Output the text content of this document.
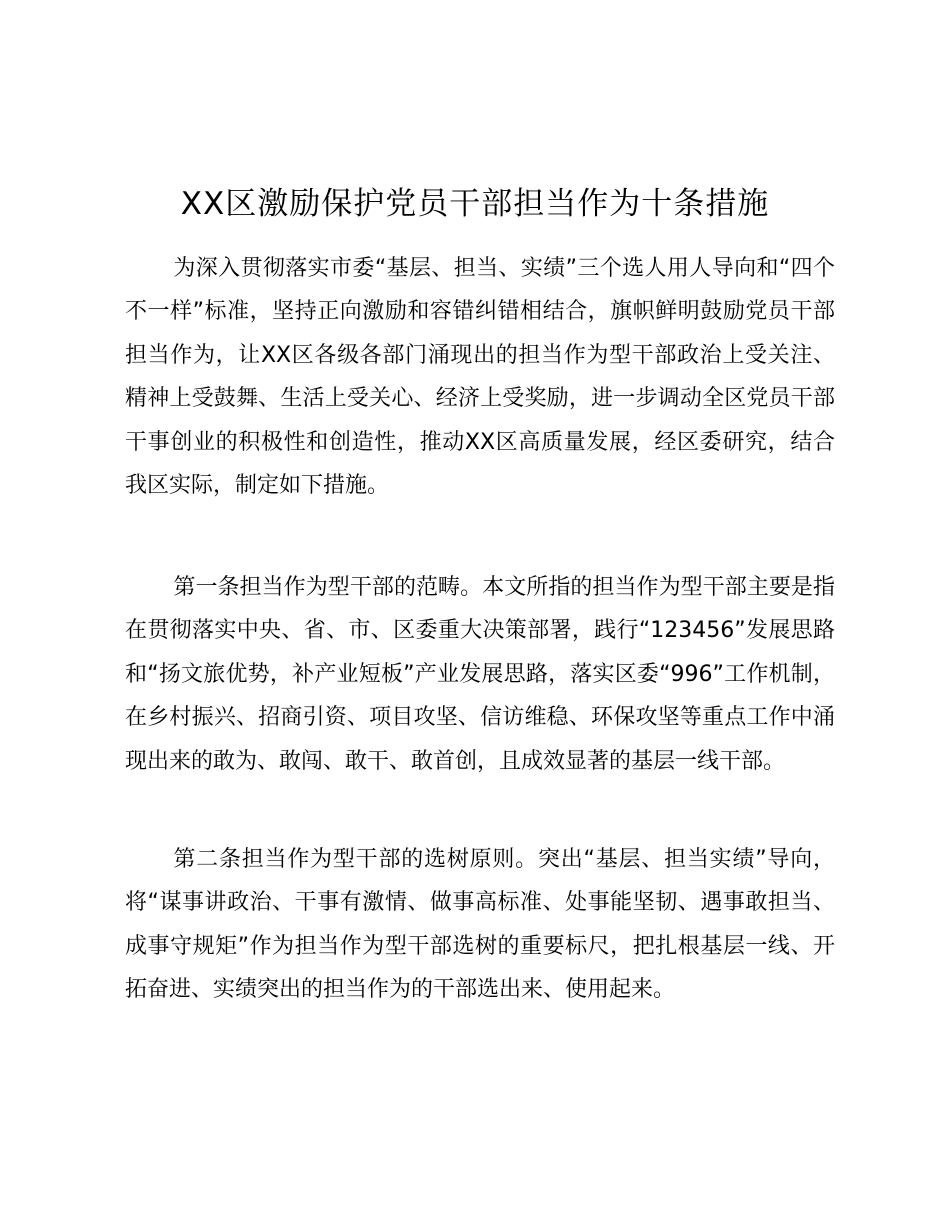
XX区激励保护党员干部担当作为十条措施

为深入贯彻落实市委“基层、担当、实绩”三个选人用人导向和“四个不一样”标准，坚持正向激励和容错纠错相结合，旗帜鲜明鼓励党员干部担当作为，让XX区各级各部门涌现出的担当作为型干部政治上受关注、精神上受鼓舞、生活上受关心、经济上受奖励，进一步调动全区党员干部干事创业的积极性和创造性，推动XX区高质量发展，经区委研究，结合我区实际，制定如下措施。

第一条担当作为型干部的范畴。本文所指的担当作为型干部主要是指在贯彻落实中央、省、市、区委重大决策部署，践行“123456”发展思路和“扬文旅优势，补产业短板”产业发展思路，落实区委“996”工作机制，在乡村振兴、招商引资、项目攻坚、信访维稳、环保攻坚等重点工作中涌现出来的敢为、敢闯、敢干、敢首创，且成效显著的基层一线干部。

第二条担当作为型干部的选树原则。突出“基层、担当实绩”导向，将“谋事讲政治、干事有激情、做事高标准、处事能坚韧、遇事敢担当、成事守规矩”作为担当作为型干部选树的重要标尺，把扎根基层一线、开拓奋进、实绩突出的担当作为的干部选出来、使用起来。
